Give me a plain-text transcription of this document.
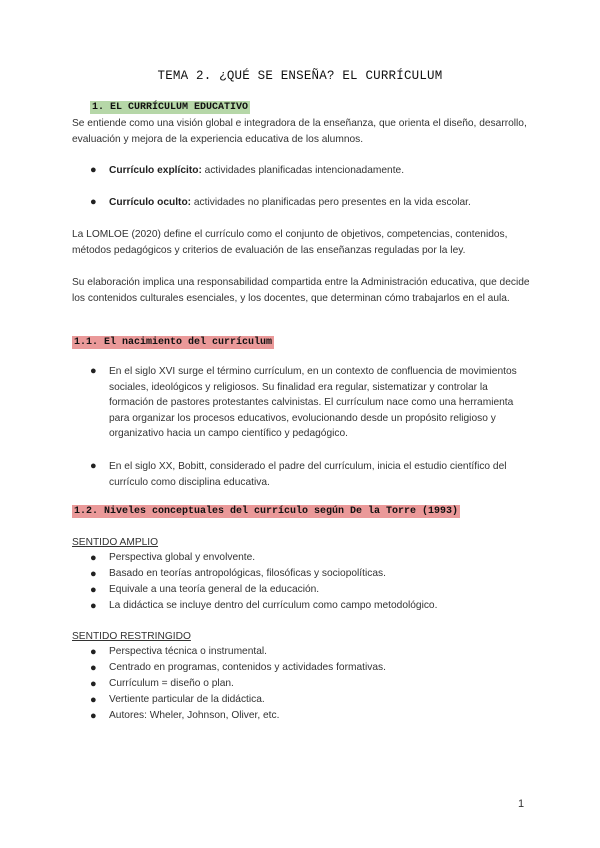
TEMA 2. ¿QUÉ SE ENSEÑA? EL CURRÍCULUM
1. EL CURRÍCULUM EDUCATIVO
Se entiende como una visión global e integradora de la enseñanza, que orienta el diseño, desarrollo, evaluación y mejora de la experiencia educativa de los alumnos.
● Currículo explícito: actividades planificadas intencionadamente.
● Currículo oculto: actividades no planificadas pero presentes en la vida escolar.
La LOMLOE (2020) define el currículo como el conjunto de objetivos, competencias, contenidos, métodos pedagógicos y criterios de evaluación de las enseñanzas reguladas por la ley.
Su elaboración implica una responsabilidad compartida entre la Administración educativa, que decide los contenidos culturales esenciales, y los docentes, que determinan cómo trabajarlos en el aula.
1.1. El nacimiento del currículum
● En el siglo XVI surge el término currículum, en un contexto de confluencia de movimientos sociales, ideológicos y religiosos. Su finalidad era regular, sistematizar y controlar la formación de pastores protestantes calvinistas. El currículum nace como una herramienta para organizar los procesos educativos, evolucionando desde un propósito religioso y organizativo hacia un campo científico y pedagógico.
● En el siglo XX, Bobitt, considerado el padre del currículum, inicia el estudio científico del currículo como disciplina educativa.
1.2. Niveles conceptuales del currículo según De la Torre (1993)
SENTIDO AMPLIO
● Perspectiva global y envolvente.
● Basado en teorías antropológicas, filosóficas y sociopolíticas.
● Equivale a una teoría general de la educación.
● La didáctica se incluye dentro del currículum como campo metodológico.
SENTIDO RESTRINGIDO
● Perspectiva técnica o instrumental.
● Centrado en programas, contenidos y actividades formativas.
● Currículum = diseño o plan.
● Vertiente particular de la didáctica.
● Autores: Wheler, Johnson, Oliver, etc.
1
